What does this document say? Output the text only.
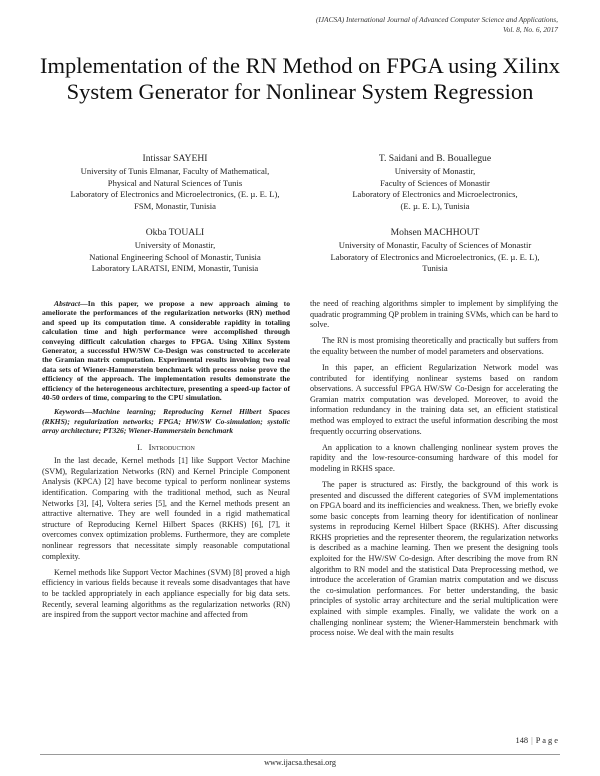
(IJACSA) International Journal of Advanced Computer Science and Applications,
Vol. 8, No. 6, 2017
Implementation of the RN Method on FPGA using Xilinx System Generator for Nonlinear System Regression
Intissar SAYEHI
University of Tunis Elmanar, Faculty of Mathematical,
Physical and Natural Sciences of Tunis
Laboratory of Electronics and Microelectronics, (E. µ. E. L),
FSM, Monastir, Tunisia
T. Saidani and B. Bouallegue
University of Monastir,
Faculty of Sciences of Monastir
Laboratory of Electronics and Microelectronics,
(E. µ. E. L), Tunisia
Okba TOUALI
University of Monastir,
National Engineering School of Monastir, Tunisia
Laboratory LARATSI, ENIM, Monastir, Tunisia
Mohsen MACHHOUT
University of Monastir, Faculty of Sciences of Monastir
Laboratory of Electronics and Microelectronics, (E. µ. E. L),
Tunisia

Abstract—In this paper, we propose a new approach aiming to ameliorate the performances of the regularization networks (RN) method and speed up its computation time. A considerable rapidity in totaling calculation time and high performance were accomplished through conveying difficult calculation charges to FPGA. Using Xilinx System Generator, a successful HW/SW Co-Design was constructed to accelerate the Gramian matrix computation. Experimental results involving two real data sets of Wiener-Hammerstein benchmark with process noise prove the efficiency of the approach. The implementation results demonstrate the efficiency of the heterogeneous architecture, presenting a speed-up factor of 40-50 orders of time, comparing to the CPU simulation.

Keywords—Machine learning; Reproducing Kernel Hilbert Spaces (RKHS); regularization networks; FPGA; HW/SW Co-simulation; systolic array architecture; PT326; Wiener-Hammerstein benchmark

I. Introduction

In the last decade, Kernel methods [1] like Support Vector Machine (SVM), Regularization Networks (RN) and Kernel Principle Component Analysis (KPCA) [2] have become typical to perform nonlinear systems identification. Comparing with the traditional method, such as Neural Networks [3], [4], Voltera series [5], and the Kernel methods present an attractive alternative. They are well founded in a rigid mathematical structure of Reproducing Kernel Hilbert Spaces (RKHS) [6], [7], it overcomes convex optimization problems. Furthermore, they are complete nonlinear regressors that necessitate simply reasonable computational complexity.

Kernel methods like Support Vector Machines (SVM) [8] proved a high efficiency in various fields because it reveals some disadvantages that have to be tackled appropriately in each appliance especially for big data sets. Recently, several learning algorithms as the regularization networks (RN) are inspired from the support vector machine and affected from

the need of reaching algorithms simpler to implement by simplifying the quadratic programming QP problem in training SVMs, which can be hard to solve.

The RN is most promising theoretically and practically but suffers from the equality between the number of model parameters and observations.

In this paper, an efficient Regularization Network model was contributed for identifying nonlinear systems based on random observations. A successful FPGA HW/SW Co-Design for accelerating the Gramian matrix computation was developed. Moreover, to avoid the information redundancy in the training data set, an efficient statistical method was employed to extract the useful information describing the most frequently occurring observations.

An application to a known challenging nonlinear system proves the rapidity and the low-resource-consuming hardware of this model for modeling in RKHS space.

The paper is structured as: Firstly, the background of this work is presented and discussed the different categories of SVM implementations on FPGA board and its inefficiencies and weakness. Then, we briefly evoke some basic concepts from learning theory for identification of nonlinear systems in reproducing Kernel Hilbert Space (RKHS). After discussing RKHS proprieties and the representer theorem, the regularization networks is described as a machine learning. Then we present the designing tools exploited for the HW/SW Co-design. After describing the move from RN algorithm to RN model and the statistical Data Preprocessing method, we introduce the acceleration of Gramian matrix computation and we discuss the co-simulation performances. For better understanding, the basic principles of systolic array architecture and the serial multiplication were explained with simple examples. Finally, we validate the work on a challenging nonlinear system; the Wiener-Hammerstein benchmark with process noise. We deal with the main results

148 | P a g e
www.ijacsa.thesai.org
